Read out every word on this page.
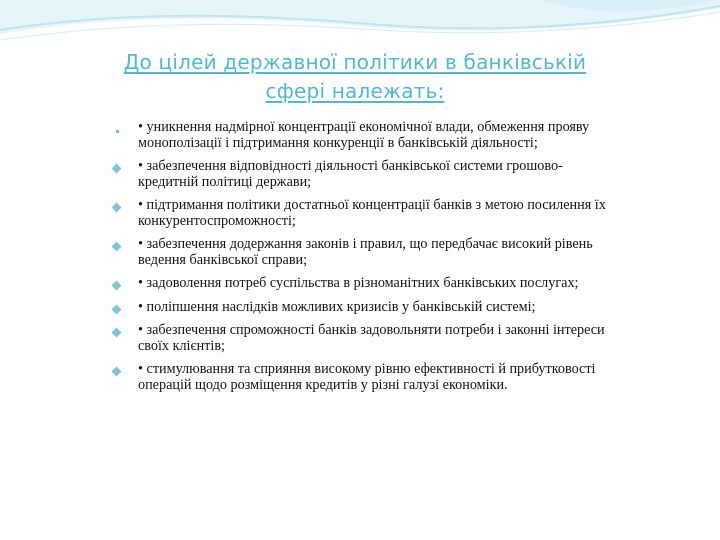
До цілей державної політики в банківській сфері належать:
• уникнення надмірної концентрації економічної влади, обмеження прояву монополізації і підтримання конкуренції в банківській діяльності;
• забезпечення відповідності діяльності банківської системи грошово-кредитній політиці держави;
• підтримання політики достатньої концентрації банків з метою посилення їх конкурентоспроможності;
• забезпечення додержання законів і правил, що передбачає високий рівень ведення банківської справи;
• задоволення потреб суспільства в різноманітних банківських послугах;
• поліпшення наслідків можливих кризисів у банківській системі;
• забезпечення спроможності банків задовольняти потреби і законні інтереси своїх клієнтів;
• стимулювання та сприяння високому рівню ефективності й прибутковості операцій щодо розміщення кредитів у різні галузі економіки.
